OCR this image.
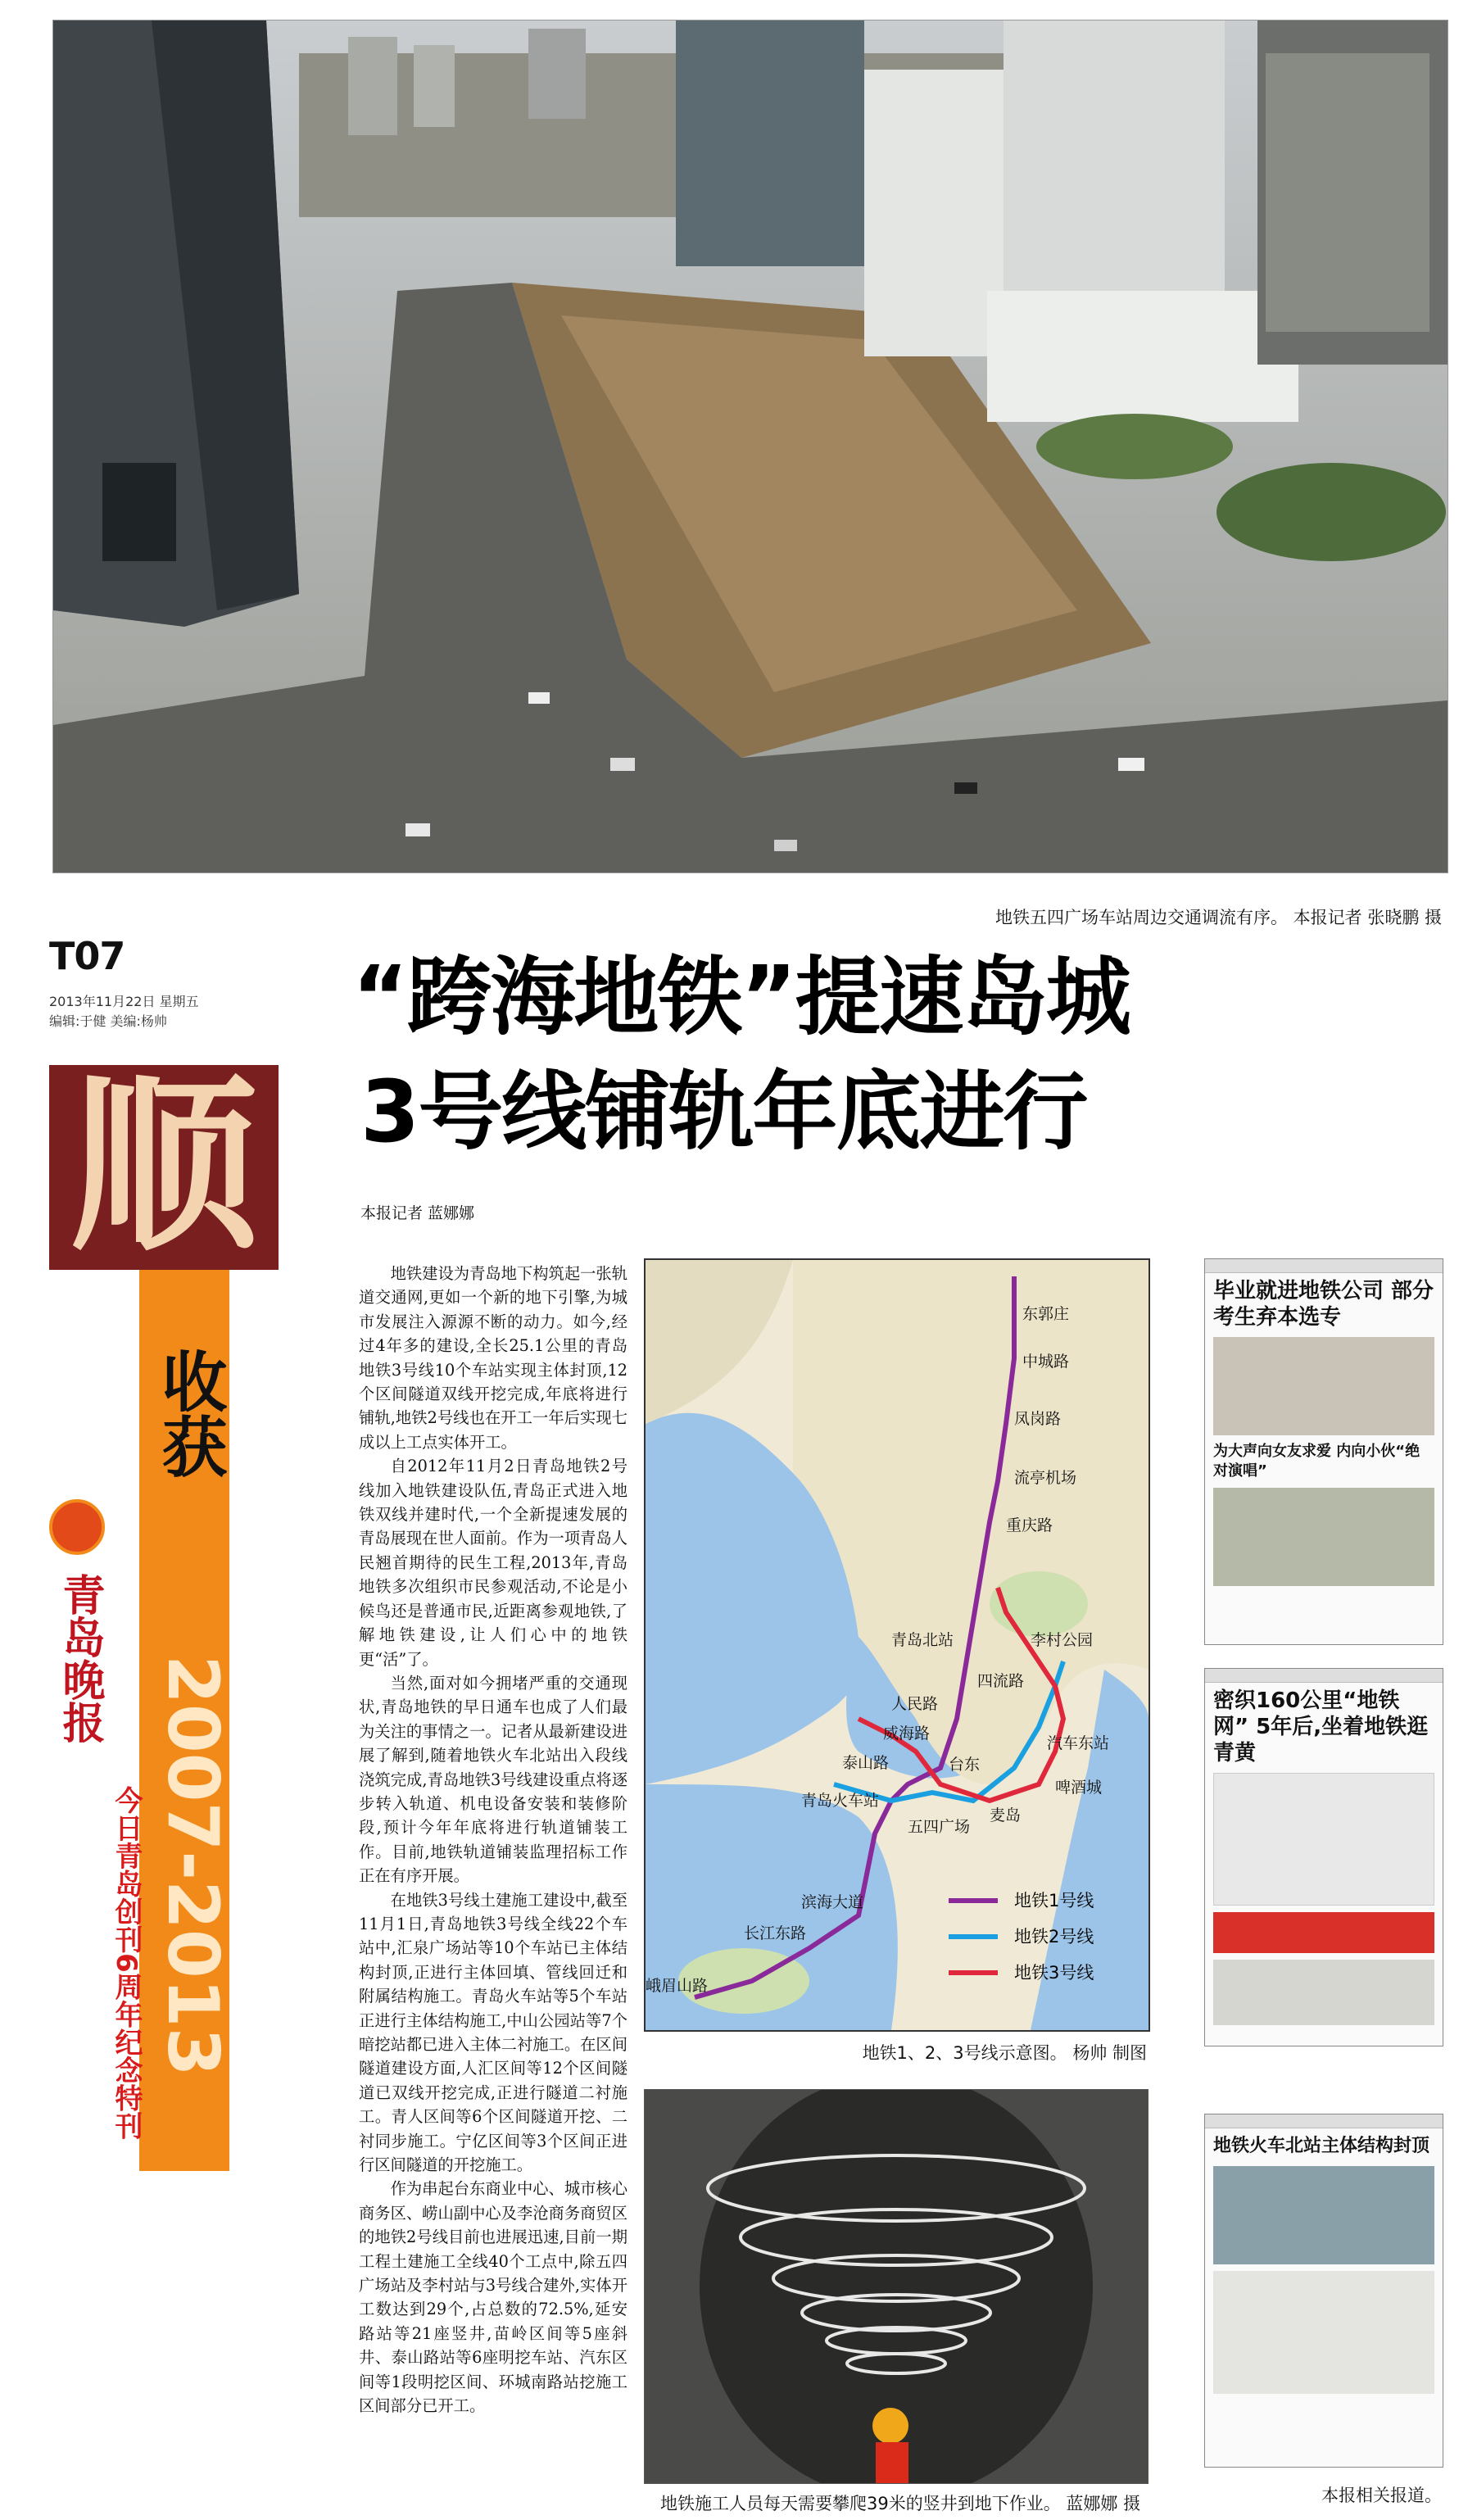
地铁五四广场车站周边交通调流有序。 本报记者 张晓鹏 摄
T07
2013年11月22日 星期五
编辑:于健 美编:杨帅
顺
收获
青岛晚报 2007-2013
今日青岛创刊6周年纪念特刊
“跨海地铁”提速岛城
3号线铺轨年底进行
本报记者 蓝娜娜

地铁建设为青岛地下构筑起一张轨道交通网,更如一个新的地下引擎,为城市发展注入源源不断的动力。如今,经过4年多的建设,全长25.1公里的青岛地铁3号线10个车站实现主体封顶,12个区间隧道双线开挖完成,年底将进行铺轨,地铁2号线也在开工一年后实现七成以上工点实体开工。

自2012年11月2日青岛地铁2号线加入地铁建设队伍,青岛正式进入地铁双线并建时代,一个全新提速发展的青岛展现在世人面前。作为一项青岛人民翘首期待的民生工程,2013年,青岛地铁多次组织市民参观活动,不论是小候鸟还是普通市民,近距离参观地铁,了解地铁建设,让人们心中的地铁更“活”了。

当然,面对如今拥堵严重的交通现状,青岛地铁的早日通车也成了人们最为关注的事情之一。记者从最新建设进展了解到,随着地铁火车北站出入段线浇筑完成,青岛地铁3号线建设重点将逐步转入轨道、机电设备安装和装修阶段,预计今年年底将进行轨道铺装工作。目前,地铁轨道铺装监理招标工作正在有序开展。

在地铁3号线土建施工建设中,截至11月1日,青岛地铁3号线全线22个车站中,汇泉广场站等10个车站已主体结构封顶,正进行主体回填、管线回迁和附属结构施工。青岛火车站等5个车站正进行主体结构施工,中山公园站等7个暗挖站都已进入主体二衬施工。在区间隧道建设方面,人汇区间等12个区间隧道已双线开挖完成,正进行隧道二衬施工。青人区间等6个区间隧道开挖、二衬同步施工。宁亿区间等3个区间正进行区间隧道的开挖施工。

作为串起台东商业中心、城市核心商务区、崂山副中心及李沧商务商贸区的地铁2号线目前也进展迅速,目前一期工程土建施工全线40个工点中,除五四广场站及李村站与3号线合建外,实体开工数达到29个,占总数的72.5%,延安路站等21座竖井,苗岭区间等5座斜井、泰山路站等6座明挖车站、汽东区间等1段明挖区间、环城南路站挖施工区间部分已开工。

东郭庄
中城路
凤岗路
流亭机场
重庆路
青岛北站	李村公园
四流路
人民路
威海路
泰山路	台东
汽车东站
啤酒城
青岛火车站
五四广场
麦岛
滨海大道
长江东路
峨眉山路
地铁1号线
地铁2号线
地铁3号线
地铁1、2、3号线示意图。 杨帅 制图
地铁施工人员每天需要攀爬39米的竖井到地下作业。 蓝娜娜 摄
毕业就进地铁公司 部分考生弃本选专
为大声向女友求爱 内向小伙“绝对演唱”
密织160公里“地铁网” 5年后,坐着地铁逛青黄
地铁火车北站主体结构封顶
本报相关报道。
